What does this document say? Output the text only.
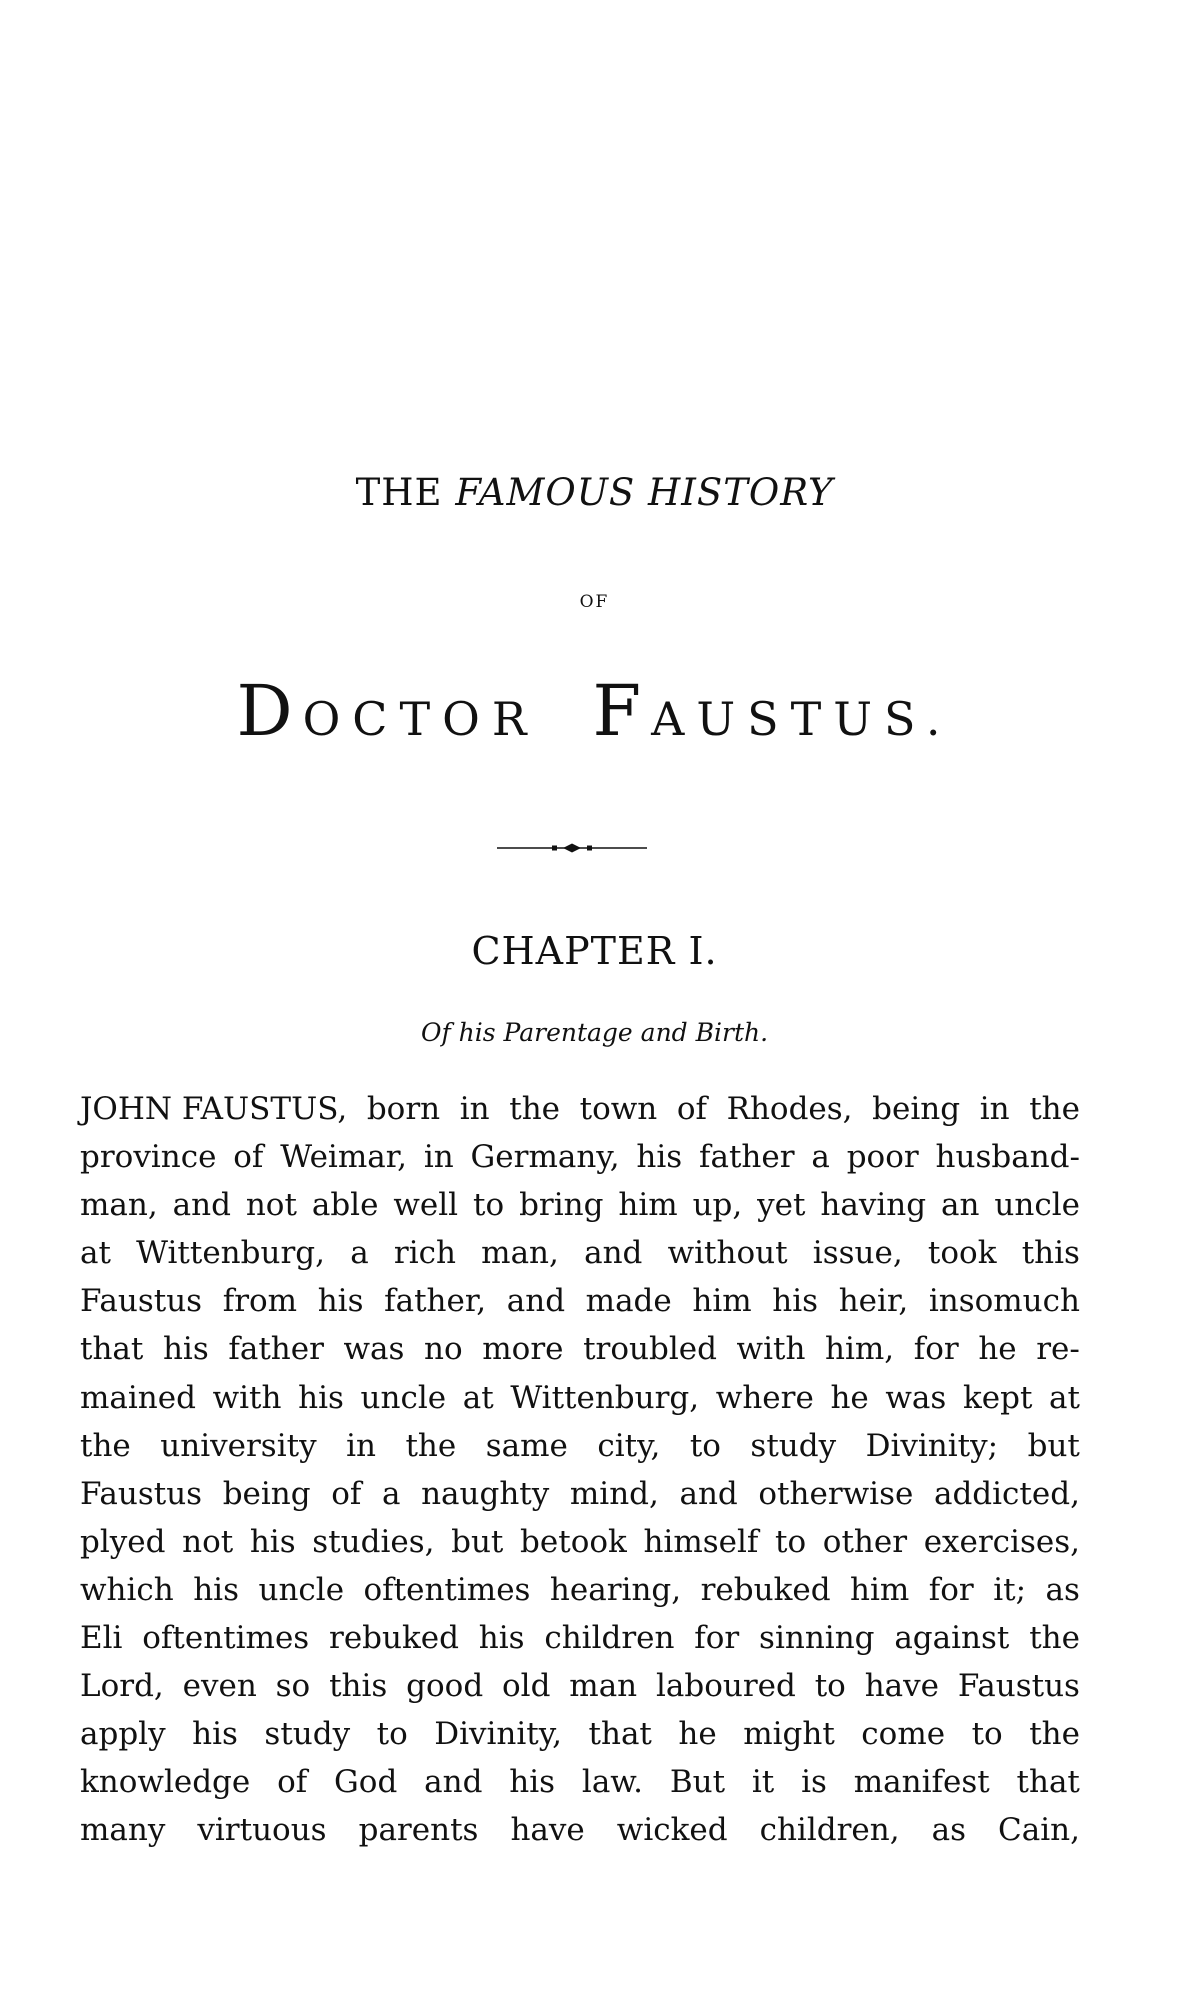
THE FAMOUS HISTORY
OF
DOCTOR FAUSTUS.
CHAPTER I.
Of his Parentage and Birth.
JOHN FAUSTUS, born in the town of Rhodes, being in the
province of Weimar, in Germany, his father a poor husband-
man, and not able well to bring him up, yet having an uncle
at Wittenburg, a rich man, and without issue, took this
Faustus from his father, and made him his heir, insomuch
that his father was no more troubled with him, for he re-
mained with his uncle at Wittenburg, where he was kept at
the university in the same city, to study Divinity; but
Faustus being of a naughty mind, and otherwise addicted,
plyed not his studies, but betook himself to other exercises,
which his uncle oftentimes hearing, rebuked him for it; as
Eli oftentimes rebuked his children for sinning against the
Lord, even so this good old man laboured to have Faustus
apply his study to Divinity, that he might come to the
knowledge of God and his law. But it is manifest that
many virtuous parents have wicked children, as Cain,
